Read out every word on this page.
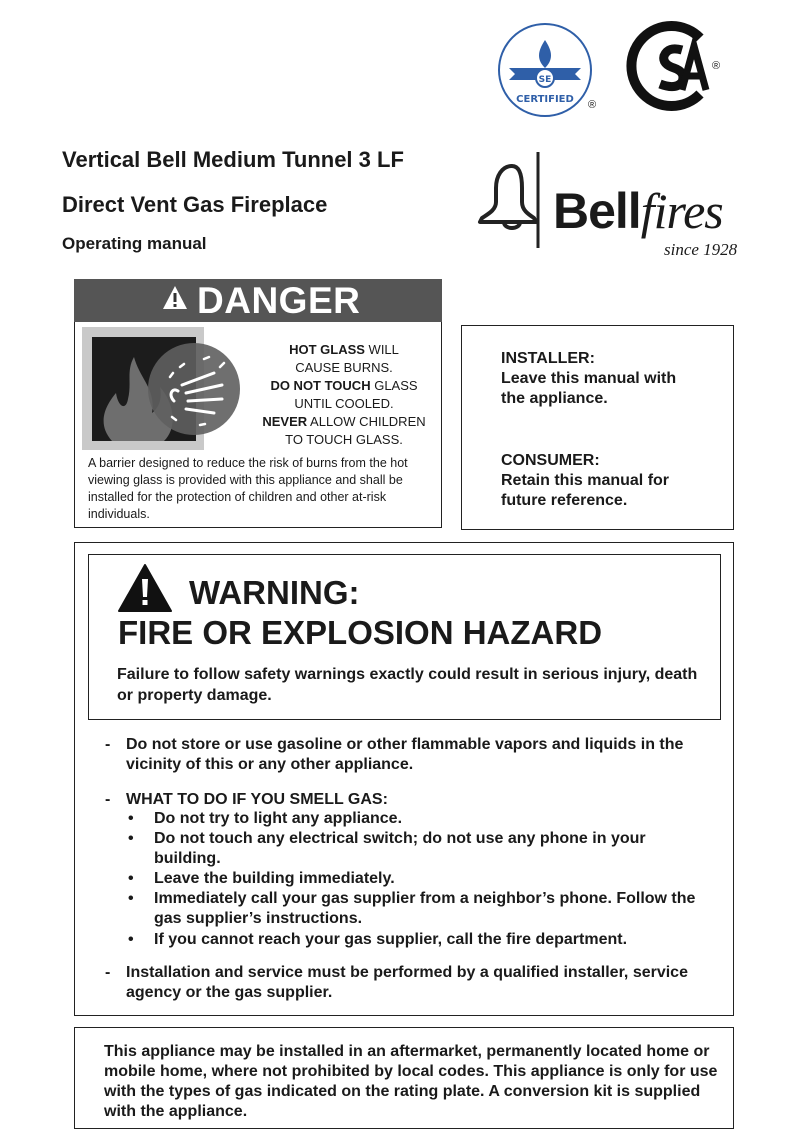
SE
CERTIFIED ®
®
Vertical Bell Medium Tunnel 3 LF
Direct Vent Gas Fireplace
Operating manual
Bellfires
since 1928
DANGER
HOT GLASS WILL
CAUSE BURNS.
DO NOT TOUCH GLASS
UNTIL COOLED.
NEVER ALLOW CHILDREN
TO TOUCH GLASS.
A barrier designed to reduce the risk of burns from the hot viewing glass is provided with this appliance and shall be installed for the protection of children and other at-risk individuals.
INSTALLER:
Leave this manual with
the appliance.
CONSUMER:
Retain this manual for
future reference.
WARNING:
FIRE OR EXPLOSION HAZARD
Failure to follow safety warnings exactly could result in serious injury, death or property damage.
- Do not store or use gasoline or other flammable vapors and liquids in the vicinity of this or any other appliance.
- WHAT TO DO IF YOU SMELL GAS:
• Do not try to light any appliance.
• Do not touch any electrical switch; do not use any phone in your building.
• Leave the building immediately.
• Immediately call your gas supplier from a neighbor’s phone. Follow the gas supplier’s instructions.
• If you cannot reach your gas supplier, call the fire department.
- Installation and service must be performed by a qualified installer, service agency or the gas supplier.
This appliance may be installed in an aftermarket, permanently located home or mobile home, where not prohibited by local codes. This appliance is only for use with the types of gas indicated on the rating plate. A conversion kit is supplied with the appliance.
